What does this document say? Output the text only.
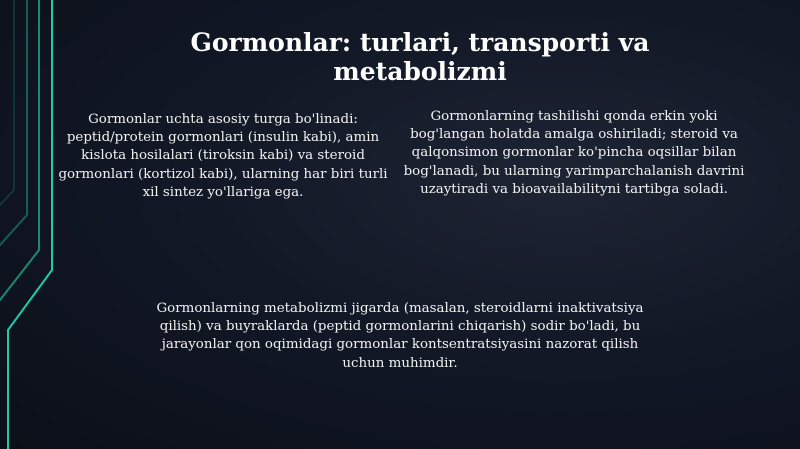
Gormonlar: turlari, transporti va metabolizmi
Gormonlar uchta asosiy turga bo'linadi: peptid/protein gormonlari (insulin kabi), amin kislota hosilalari (tiroksin kabi) va steroid gormonlari (kortizol kabi), ularning har biri turli xil sintez yo'llariga ega.
Gormonlarning tashilishi qonda erkin yoki bog'langan holatda amalga oshiriladi; steroid va qalqonsimon gormonlar ko'pincha oqsillar bilan bog'lanadi, bu ularning yarimparchalanish davrini uzaytiradi va bioavailabilityni tartibga soladi.
Gormonlarning metabolizmi jigarda (masalan, steroidlarni inaktivatsiya qilish) va buyraklarda (peptid gormonlarini chiqarish) sodir bo'ladi, bu jarayonlar qon oqimidagi gormonlar kontsentratsiyasini nazorat qilish uchun muhimdir.
